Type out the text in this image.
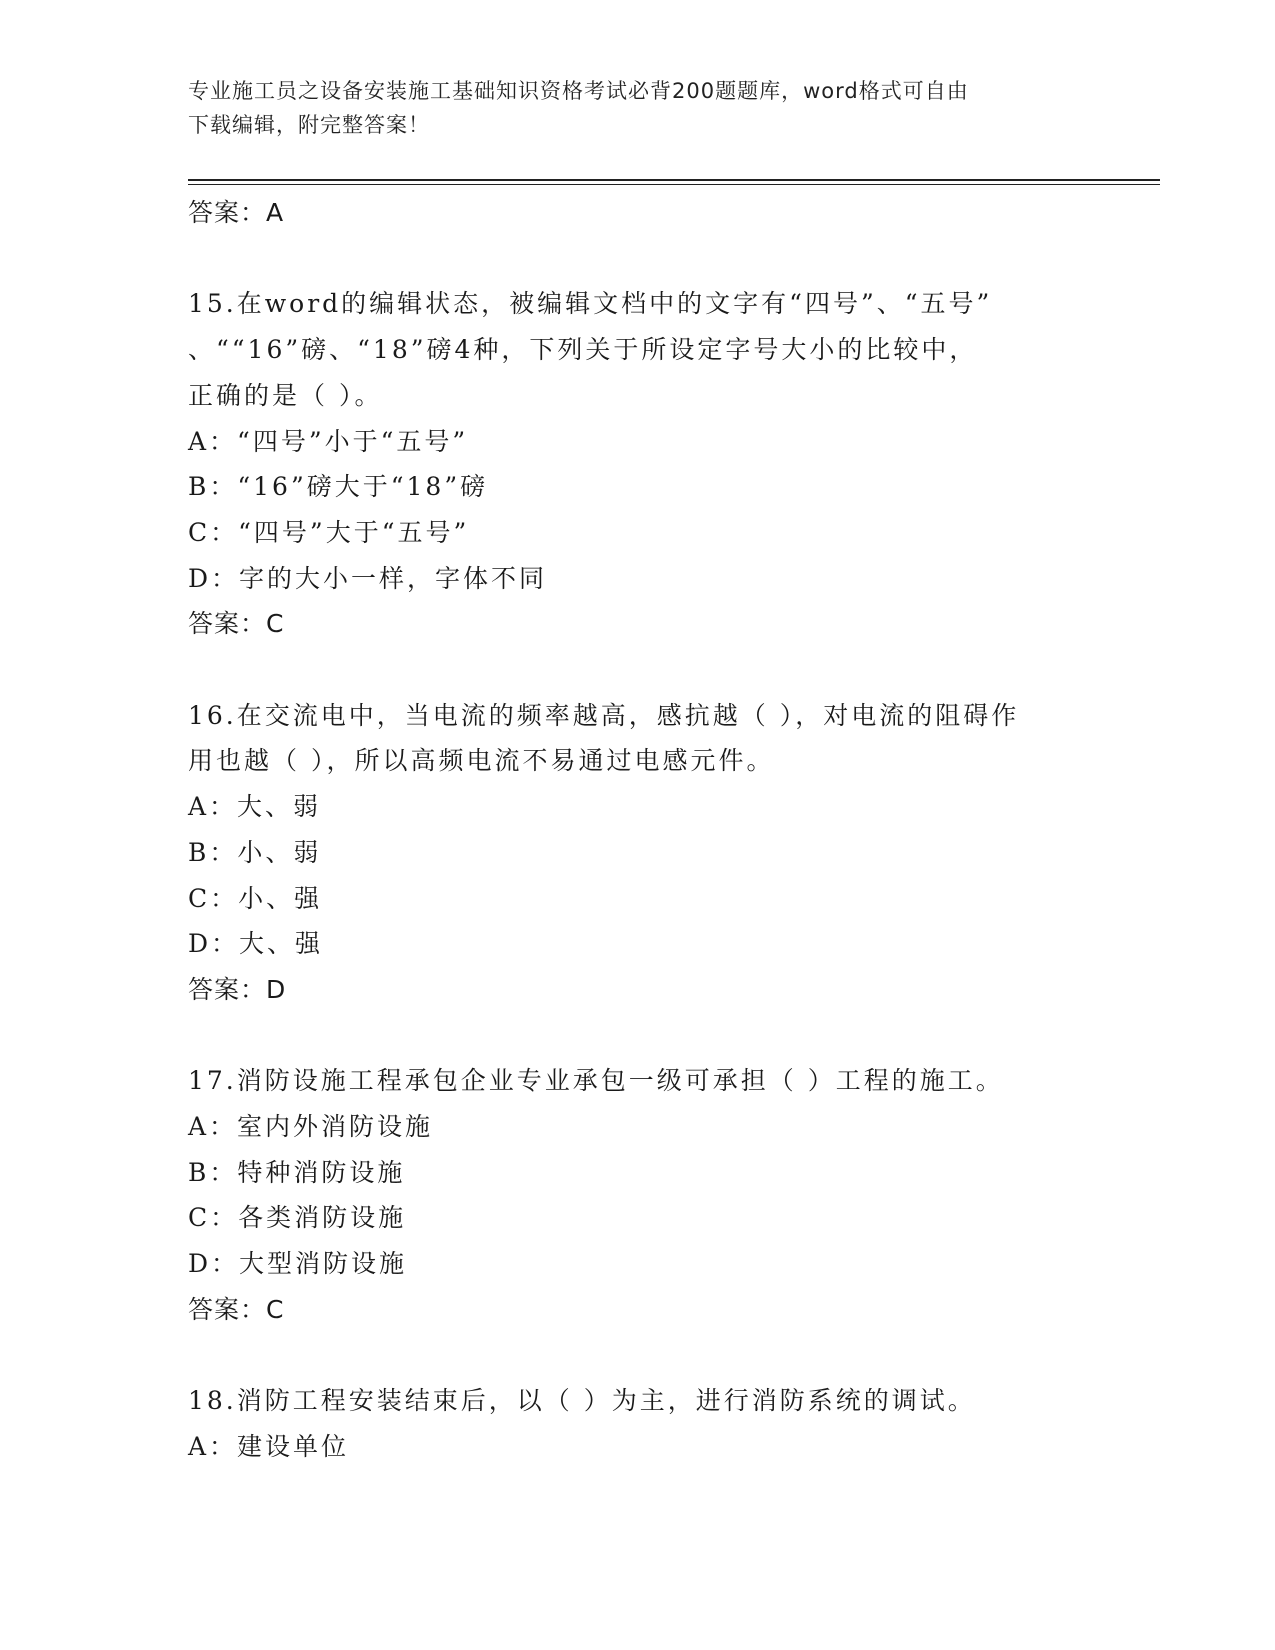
专业施工员之设备安装施工基础知识资格考试必背200题题库，word格式可自由
下载编辑，附完整答案！
答案：A
15.在word的编辑状态，被编辑文档中的文字有“四号”、“五号”
、““16”磅、“18”磅4种，下列关于所设定字号大小的比较中，
正确的是（ ）。
A：“四号”小于“五号”
B：“16”磅大于“18”磅
C：“四号”大于“五号”
D：字的大小一样，字体不同
答案：C
16.在交流电中，当电流的频率越高，感抗越（ ），对电流的阻碍作
用也越（ ），所以高频电流不易通过电感元件。
A：大、弱
B：小、弱
C：小、强
D：大、强
答案：D
17.消防设施工程承包企业专业承包一级可承担（ ）工程的施工。
A：室内外消防设施
B：特种消防设施
C：各类消防设施
D：大型消防设施
答案：C
18.消防工程安装结束后，以（ ）为主，进行消防系统的调试。
A：建设单位
